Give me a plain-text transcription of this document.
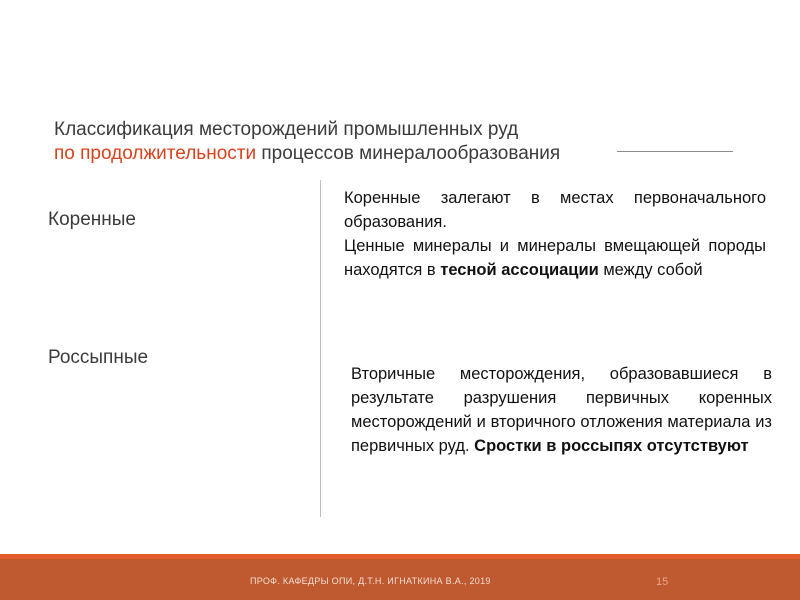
Классификация месторождений промышленных руд
по продолжительности процессов минералообразования
Коренные
Россыпные

Коренные залегают в местах первоначального образования.

Ценные минералы и минералы вмещающей породы находятся в тесной ассоциации между собой

Вторичные месторождения, образовавшиеся в результате разрушения первичных коренных месторождений и вторичного отложения материала из первичных руд. Сростки в россыпях отсутствуют

ПРОФ. КАФЕДРЫ ОПИ, Д.Т.Н. ИГНАТКИНА В.А., 2019	15
